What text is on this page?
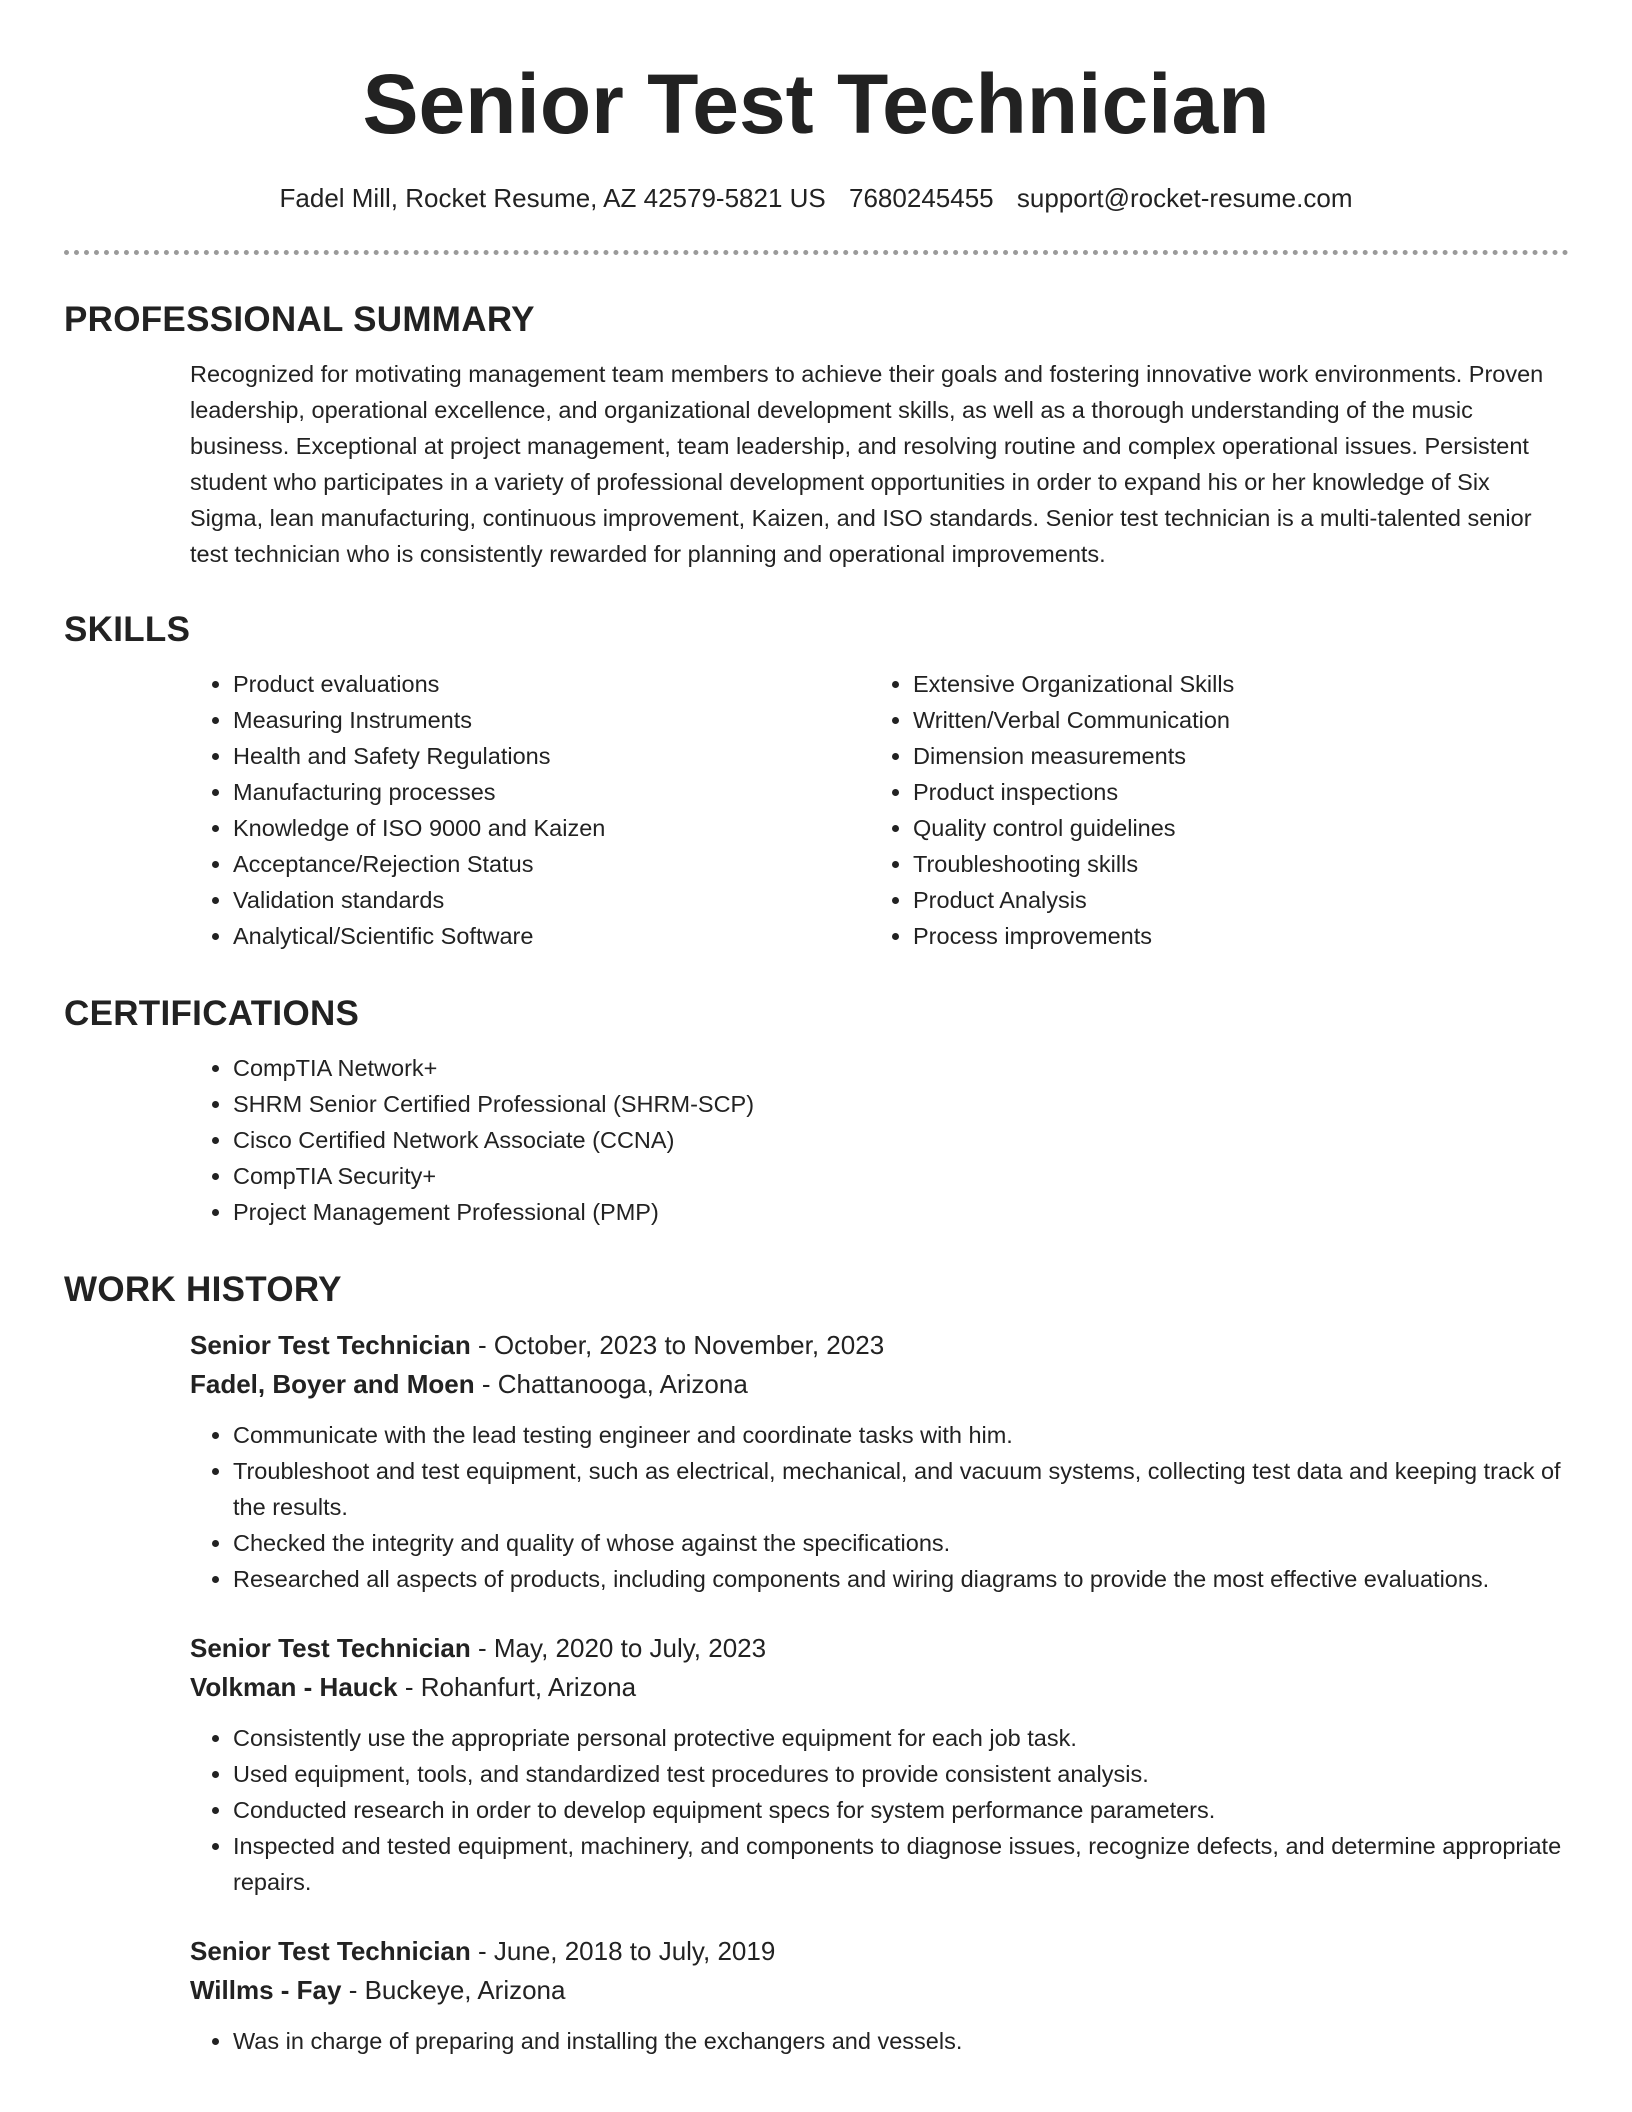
Senior Test Technician
Fadel Mill, Rocket Resume, AZ 42579-5821 US 7680245455 support@rocket-resume.com
PROFESSIONAL SUMMARY
Recognized for motivating management team members to achieve their goals and fostering innovative work environments. Proven leadership, operational excellence, and organizational development skills, as well as a thorough understanding of the music business. Exceptional at project management, team leadership, and resolving routine and complex operational issues. Persistent student who participates in a variety of professional development opportunities in order to expand his or her knowledge of Six Sigma, lean manufacturing, continuous improvement, Kaizen, and ISO standards. Senior test technician is a multi-talented senior test technician who is consistently rewarded for planning and operational improvements.
SKILLS
• Product evaluations
• Measuring Instruments
• Health and Safety Regulations
• Manufacturing processes
• Knowledge of ISO 9000 and Kaizen
• Acceptance/Rejection Status
• Validation standards
• Analytical/Scientific Software
• Extensive Organizational Skills
• Written/Verbal Communication
• Dimension measurements
• Product inspections
• Quality control guidelines
• Troubleshooting skills
• Product Analysis
• Process improvements
CERTIFICATIONS
• CompTIA Network+
• SHRM Senior Certified Professional (SHRM-SCP)
• Cisco Certified Network Associate (CCNA)
• CompTIA Security+
• Project Management Professional (PMP)
WORK HISTORY
Senior Test Technician - October, 2023 to November, 2023
Fadel, Boyer and Moen - Chattanooga, Arizona
• Communicate with the lead testing engineer and coordinate tasks with him.
• Troubleshoot and test equipment, such as electrical, mechanical, and vacuum systems, collecting test data and keeping track of the results.
• Checked the integrity and quality of whose against the specifications.
• Researched all aspects of products, including components and wiring diagrams to provide the most effective evaluations.
Senior Test Technician - May, 2020 to July, 2023
Volkman - Hauck - Rohanfurt, Arizona
• Consistently use the appropriate personal protective equipment for each job task.
• Used equipment, tools, and standardized test procedures to provide consistent analysis.
• Conducted research in order to develop equipment specs for system performance parameters.
• Inspected and tested equipment, machinery, and components to diagnose issues, recognize defects, and determine appropriate repairs.
Senior Test Technician - June, 2018 to July, 2019
Willms - Fay - Buckeye, Arizona
• Was in charge of preparing and installing the exchangers and vessels.
